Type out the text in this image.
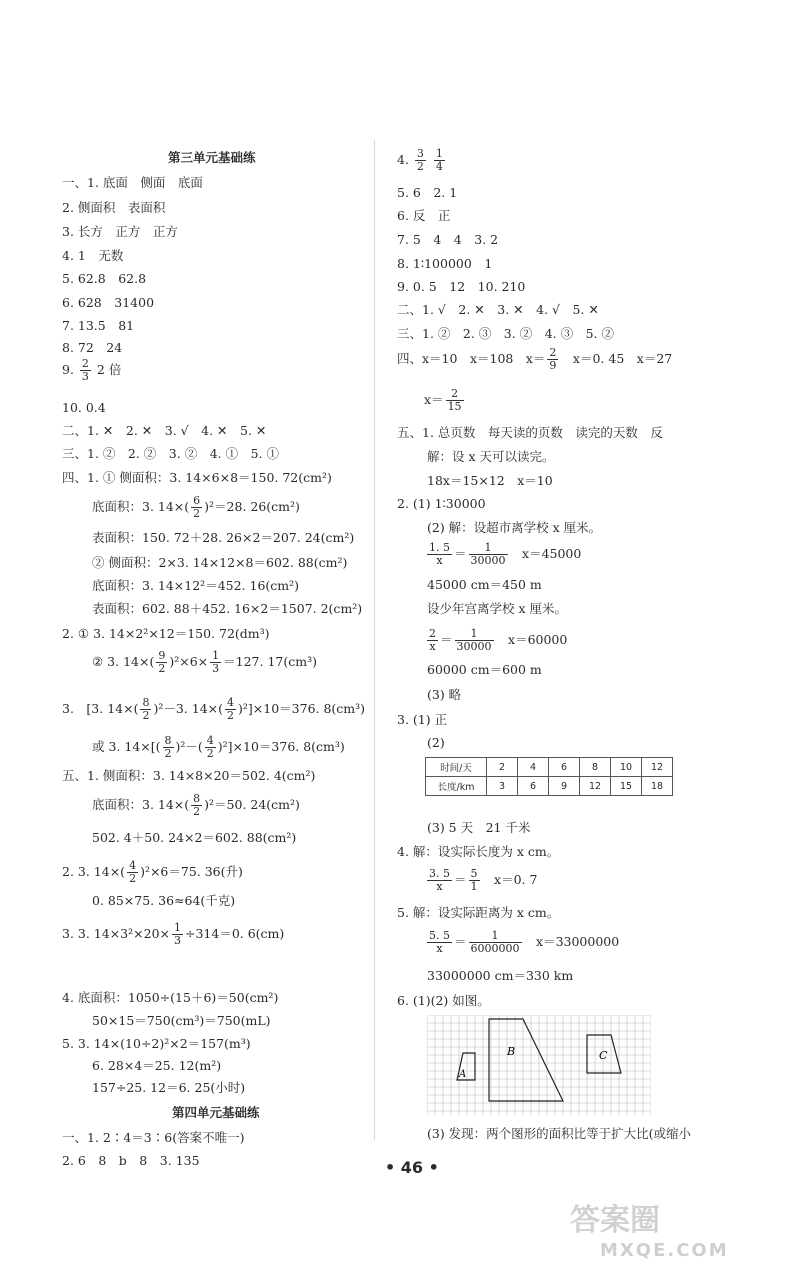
9. $\frac{2}{3} 2$ 倍
底面积：3. $14\times( \frac{6}{2} )^2=28$. 26(cm²)
② 3. $14\times( \frac{9}{2} )^2\times 6\times \frac{1}{3} =127$. 17(cm³)
3.　[3. $14\times( \frac{8}{2} )^2-3$. $14\times( \frac{4}{2} )^2]\times 10=376$. 8(cm³)
或 3. $14\times[( \frac{8}{2} )^2-( \frac{4}{2} )^2]\times 10=376$. 8(cm³)
底面积：3. $14\times( \frac{8}{2} )^2=50$. 24(cm²)
2. 3. $14\times( \frac{4}{2} )^2\times 6=75$. 36(升)
3. 3. $14\times 3^2\times 20\times \frac{1}{3} \div 314=0$. 6(cm)
4. $\frac{3}{2}$
$\frac{1}{4}$
四、x＝10　x＝108　$x= \frac{2}{9}$ 　x＝0. 45　x＝27
$x= \frac{2}{15}$
$\frac{1. 5}{x} = \frac{1}{30000}$ 　x＝45000
$\frac{2}{x} = \frac{1}{30000}$ 　x＝60000
$\frac{3. 5}{x} = \frac{5}{1}$ 　x＝0. 7
$\frac{5. 5}{x} = \frac{1}{6000000}$ 　x＝33000000
时间/天	2	4	6	8	10	12
长度/km	3	6	9	12	15	18
A
B	C
• 46 •
答案圈
MXQE.COM
第三单元基础练
一、1. 底面　侧面　底面
2. 侧面积　表面积
3. 长方　正方　正方
4. 1　无数
5. 62.8　62.8
6. 628　31400
7. 13.5　81
8. 72　24
10. 0.4
二、1. ✕　2. ✕　3. √　4. ✕　5. ✕
三、1. ②　2. ②　3. ②　4. ①　5. ①
四、1. ① 侧面积：3. 14×6×8＝150. 72(cm²)
表面积：150. 72＋28. 26×2＝207. 24(cm²)
② 侧面积：2×3. 14×12×8＝602. 88(cm²)
底面积：3. 14×12²＝452. 16(cm²)
表面积：602. 88＋452. 16×2＝1507. 2(cm²)
2. ① 3. 14×2²×12＝150. 72(dm³)
五、1. 侧面积：3. 14×8×20＝502. 4(cm²)
502. 4＋50. 24×2＝602. 88(cm²)
0. 85×75. 36≈64(千克)
4. 底面积：1050÷(15＋6)＝50(cm²)
50×15＝750(cm³)＝750(mL)
5. 3. 14×(10÷2)²×2＝157(m³)
6. 28×4＝25. 12(m²)
157÷25. 12＝6. 25(小时)
第四单元基础练
一、1. 2∶4＝3∶6(答案不唯一)
2. 6　8　b　8　3. 135
5. 6　2. 1
6. 反　正
7. 5　4　4　3. 2
8. 1∶100000　1
9. 0. 5　12　10. 210
二、1. √　2. ✕　3. ✕　4. √　5. ✕
三、1. ②　2. ③　3. ②　4. ③　5. ②
五、1. 总页数　每天读的页数　读完的天数　反
解：设 x 天可以读完。
18x＝15×12　x＝10
2. (1) 1∶30000
(2) 解：设超市离学校 x 厘米。
45000 cm＝450 m
设少年宫离学校 x 厘米。
60000 cm＝600 m
(3) 略
3. (1) 正
(2)
(3) 5 天　21 千米
4. 解：设实际长度为 x cm。
5. 解：设实际距离为 x cm。
33000000 cm＝330 km
6. (1)(2) 如图。
(3) 发现：两个图形的面积比等于扩大比(或缩小
